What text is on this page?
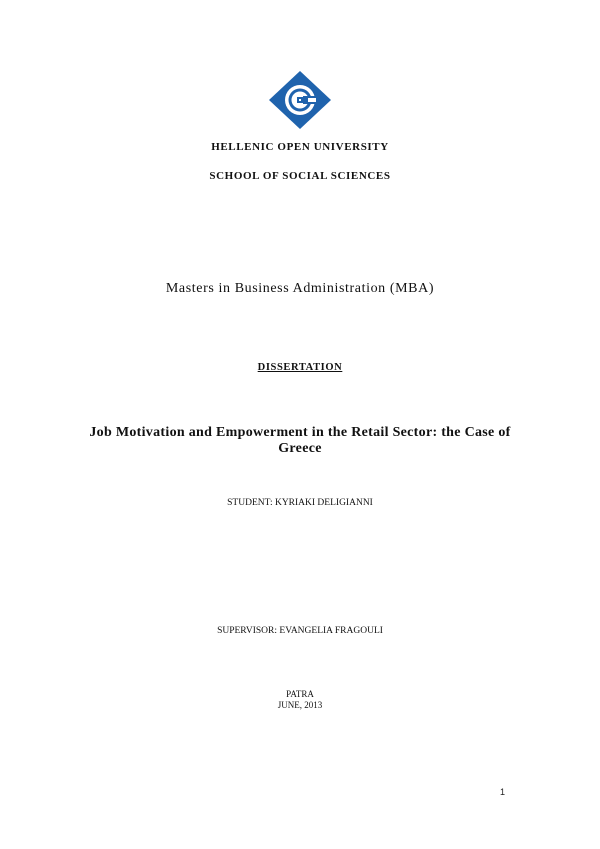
HELLENIC OPEN UNIVERSITY

SCHOOL OF SOCIAL SCIENCES

Masters in Business Administration (MBA)

DISSERTATION

Job Motivation and Empowerment in the Retail Sector: the Case of Greece

STUDENT: KYRIAKI DELIGIANNI

SUPERVISOR: EVANGELIA FRAGOULI

PATRA

JUNE, 2013

1
